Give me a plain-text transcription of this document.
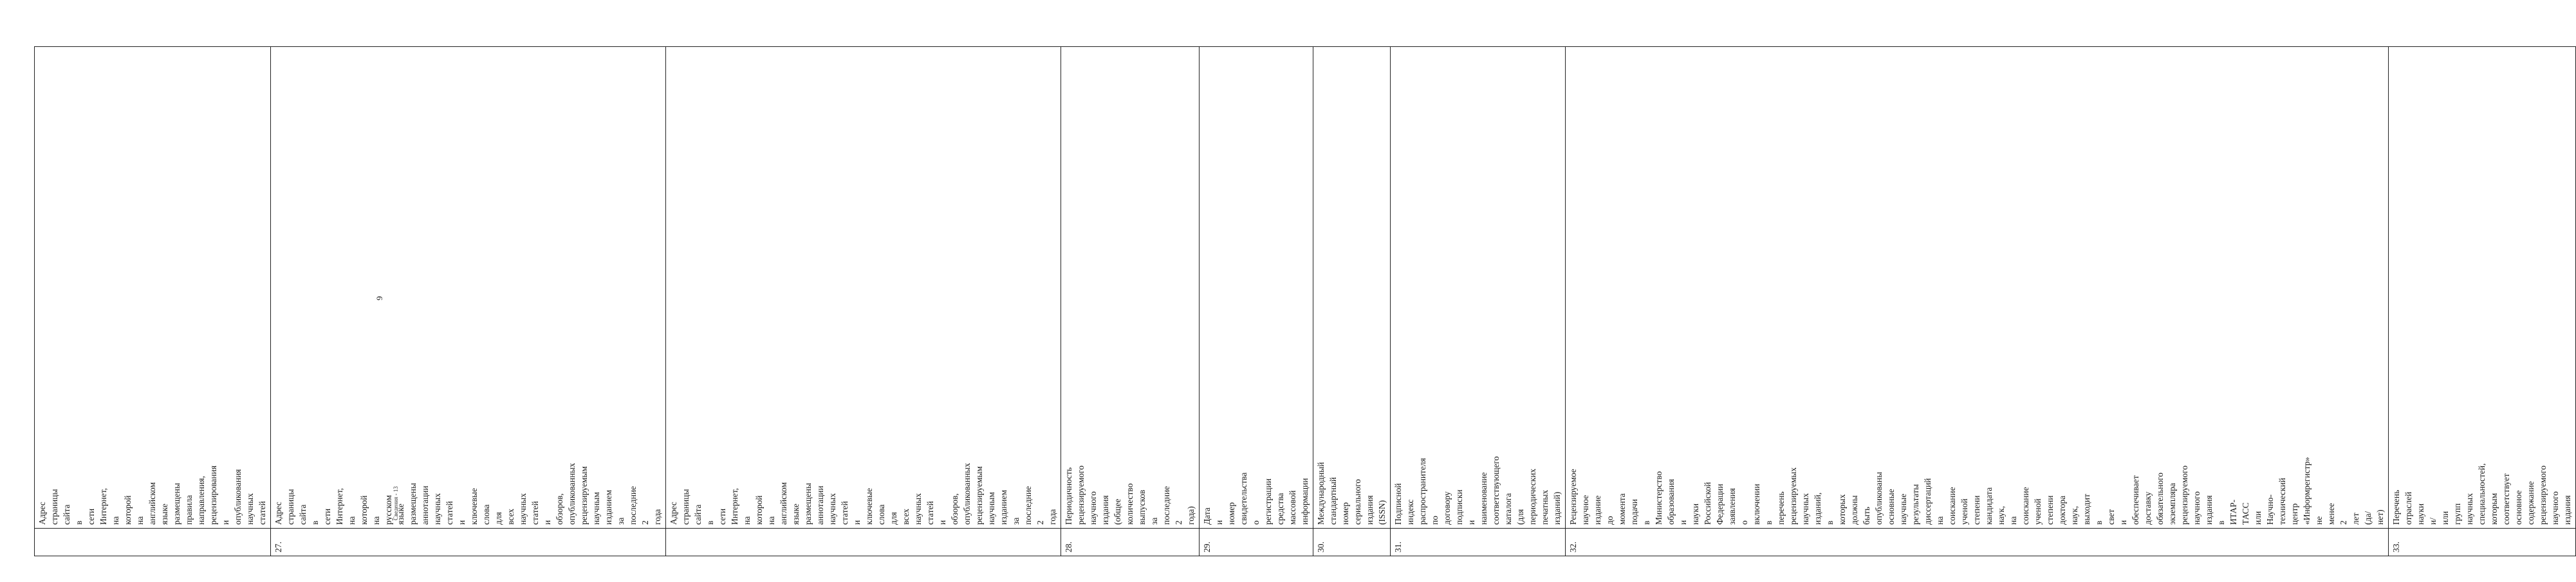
9
	Адрес страницы сайта в сети Интернет, на которой на английском языке размещены правила направления, рецензирования и опубликования научных статей	
27.	Адрес страницы сайта в сети Интернет, на которой на русском языке размещены аннотации научных статей и ключевые слова для всех научных статей и обзоров, опубликованных рецензируемым научным изданием за последние 2 года	
	Адрес страницы сайта в сети Интернет, на которой на английском языке размещены аннотации научных статей и ключевые слова для всех научных статей и обзоров, опубликованных рецензируемым научным изданием за последние 2 года	
28.	Периодичность рецензируемого научного издания (общее количество выпусков за последние 2 года)	
29.	Дата и номер свидетельства о регистрации средства массовой информации	
30.	Международный стандартный номер сериального издания (ISSN)	
31.	Подписной индекс распространителя по договору подписки и наименование соответствующего каталога (для периодических печатных изданий)	
32.	Рецензируемое научное издание до момента подачи в Министерство образования и науки Российской Федерации заявления о включении в перечень рецензируемых научных изданий, в которых должны быть опубликованы основные научные результаты диссертаций на соискание ученой степени кандидата наук, на соискание ученой степени доктора наук, выходит в свет и обеспечивает доставку обязательного экземпляра рецензируемого научного издания в ИТАР-ТАСС или Научно-технический центр «Информрегистр» не менее 2 лет (да/нет)	
33.	Перечень отраслей науки и/или групп научных специальностей, которым соответствует основное содержание рецензируемого научного издания	
Сведения - 13
